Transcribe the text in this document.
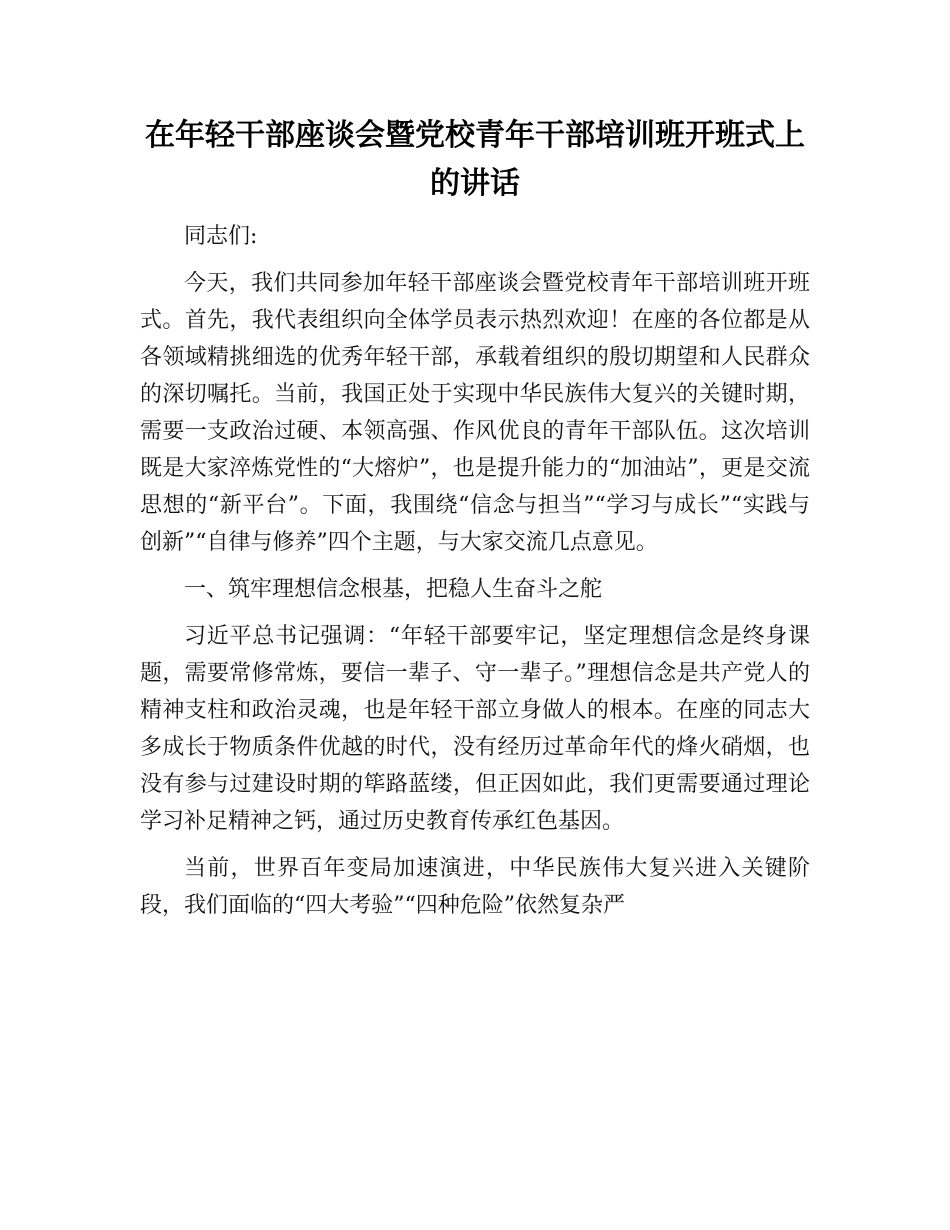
在年轻干部座谈会暨党校青年干部培训班开班式上的讲话

同志们:

今天，我们共同参加年轻干部座谈会暨党校青年干部培训班开班式。首先，我代表组织向全体学员表示热烈欢迎！在座的各位都是从各领域精挑细选的优秀年轻干部，承载着组织的殷切期望和人民群众的深切嘱托。当前，我国正处于实现中华民族伟大复兴的关键时期，需要一支政治过硬、本领高强、作风优良的青年干部队伍。这次培训既是大家淬炼党性的“大熔炉”，也是提升能力的“加油站”，更是交流思想的“新平台”。下面，我围绕“信念与担当”“学习与成长”“实践与创新”“自律与修养”四个主题，与大家交流几点意见。

一、筑牢理想信念根基，把稳人生奋斗之舵

习近平总书记强调：“年轻干部要牢记，坚定理想信念是终身课题，需要常修常炼，要信一辈子、守一辈子。”理想信念是共产党人的精神支柱和政治灵魂，也是年轻干部立身做人的根本。在座的同志大多成长于物质条件优越的时代，没有经历过革命年代的烽火硝烟，也没有参与过建设时期的筚路蓝缕，但正因如此，我们更需要通过理论学习补足精神之钙，通过历史教育传承红色基因。

当前，世界百年变局加速演进，中华民族伟大复兴进入关键阶段，我们面临的“四大考验”“四种危险”依然复杂严
